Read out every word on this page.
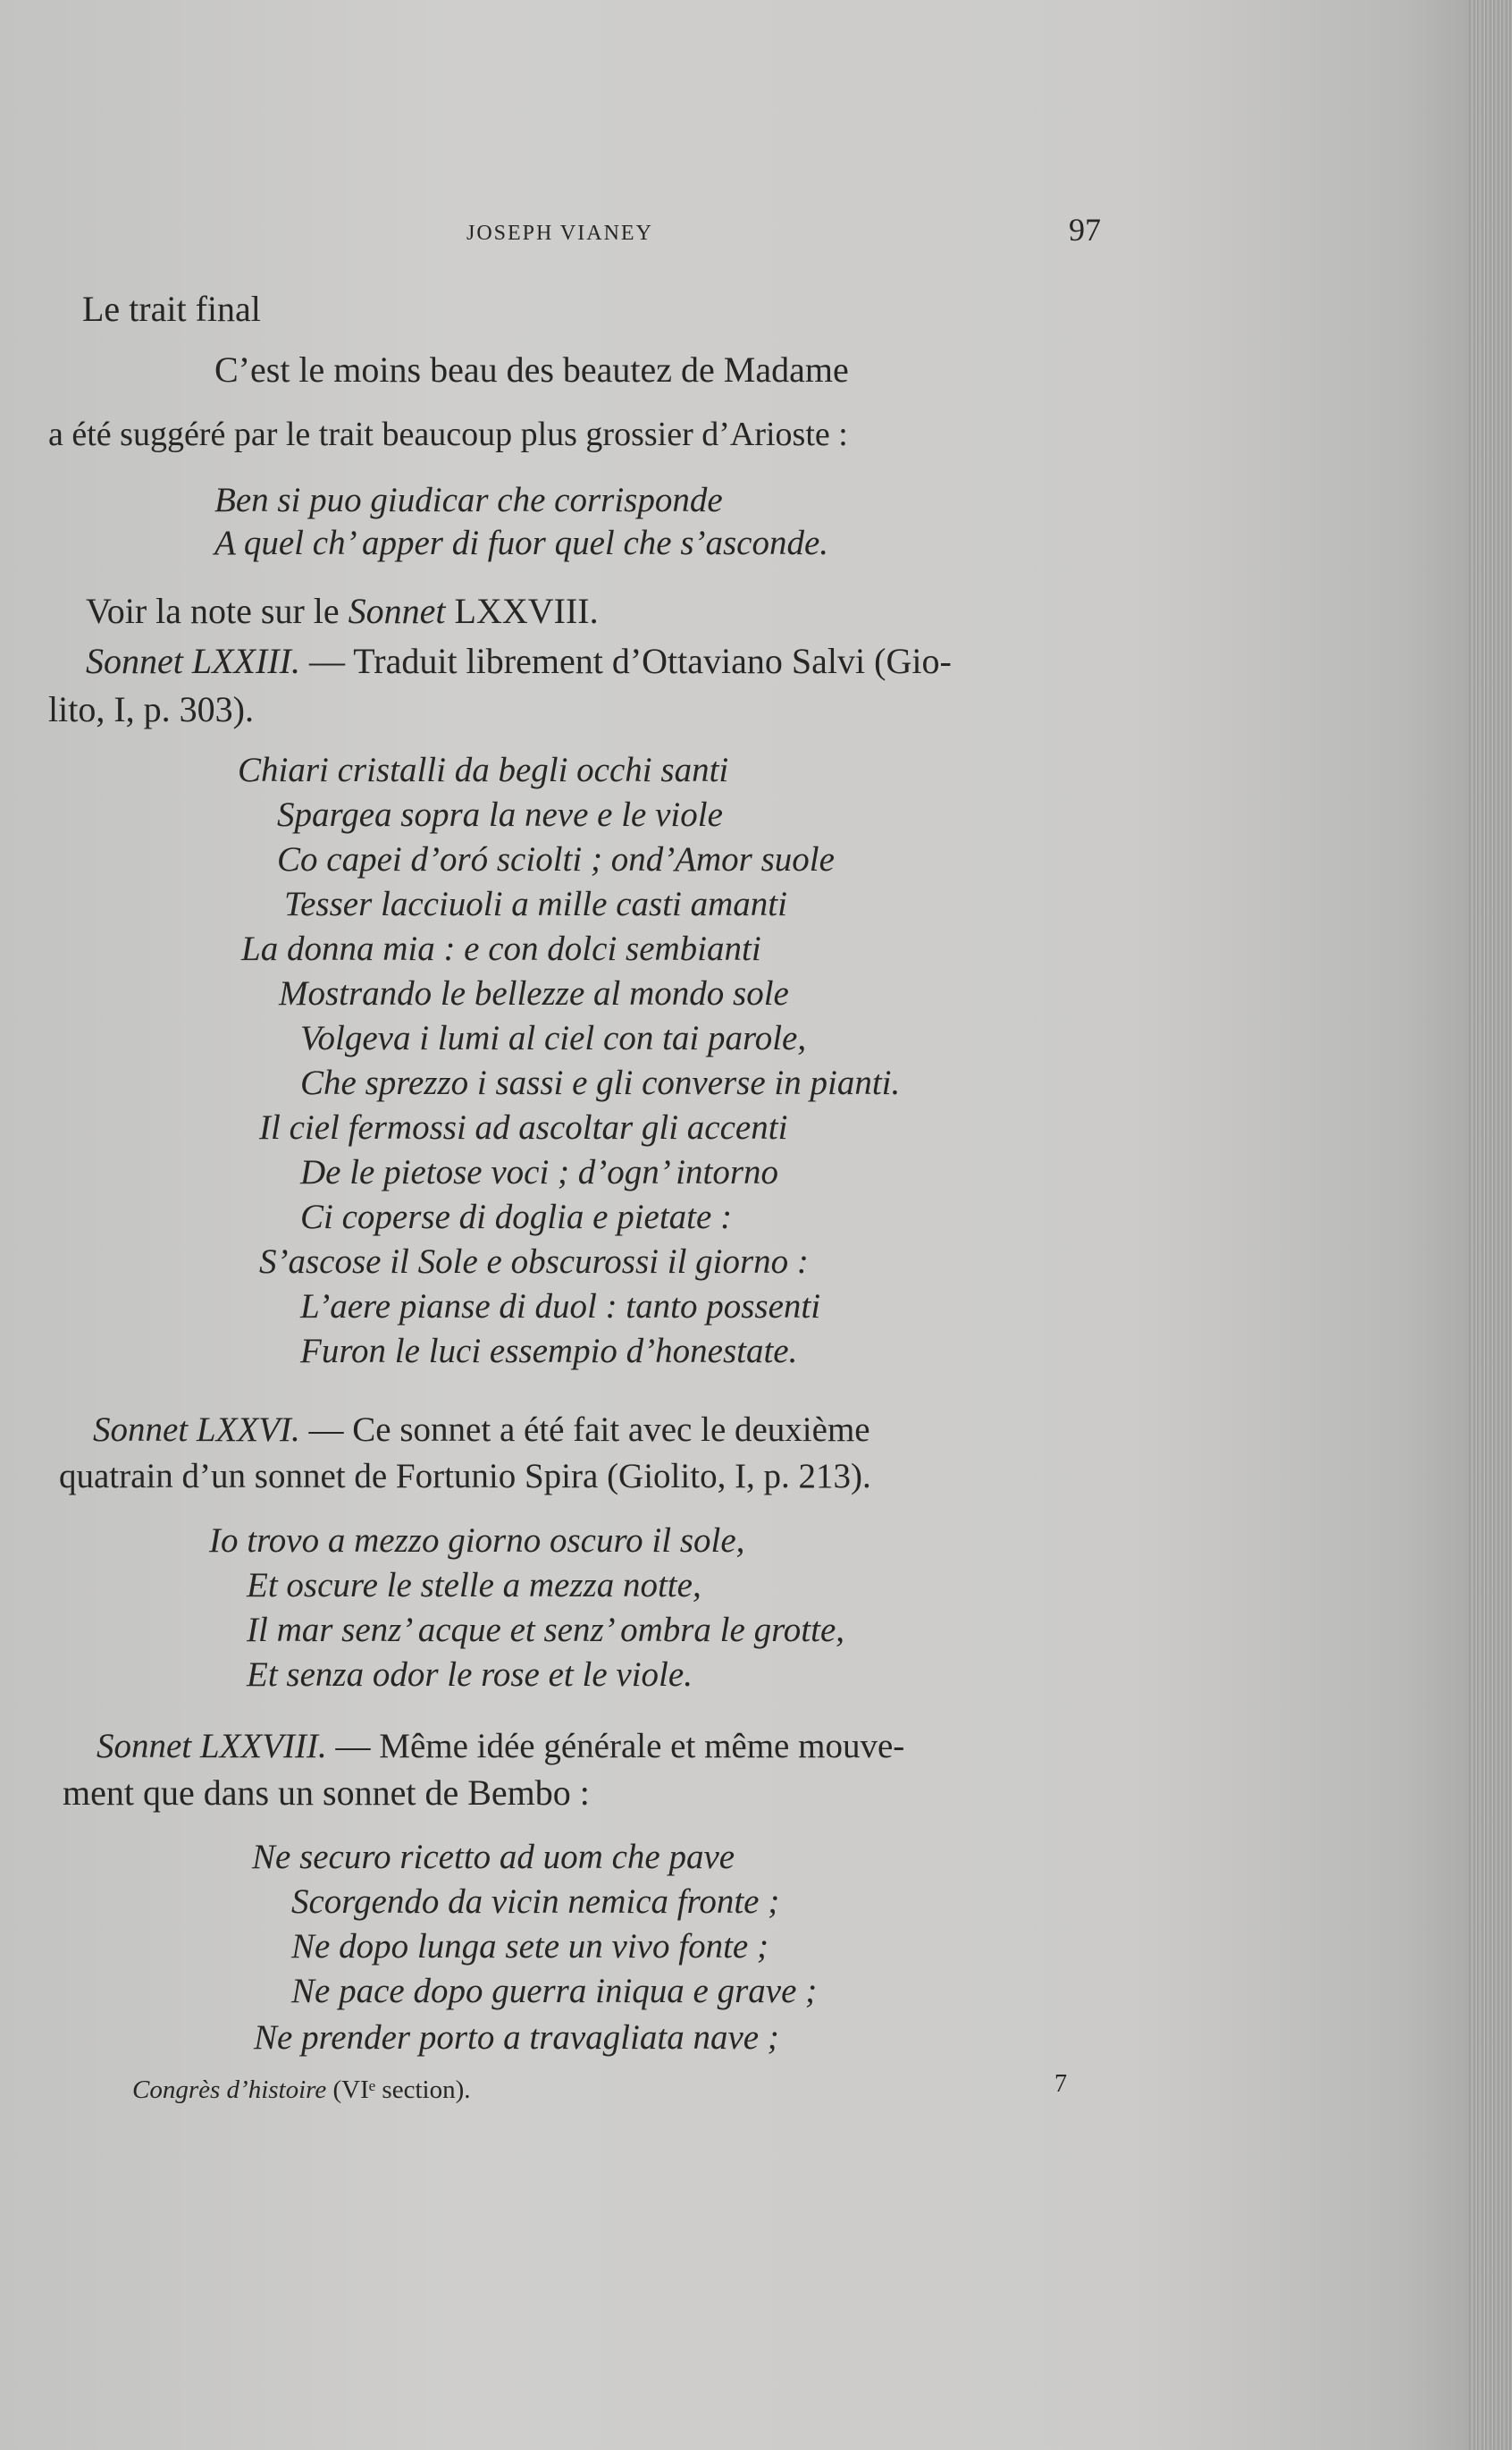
JOSEPH VIANEY	97
Le trait final
C’est le moins beau des beautez de Madame
a été suggéré par le trait beaucoup plus grossier d’Arioste :
Ben si puo giudicar che corrisponde
A quel ch’ apper di fuor quel che s’asconde.
Voir la note sur le Sonnet LXXVIII.
Sonnet LXXIII. — Traduit librement d’Ottaviano Salvi (Gio-
lito, I, p. 303).
Chiari cristalli da begli occhi santi
Spargea sopra la neve e le viole
Co capei d’oró sciolti ; ond’Amor suole
Tesser lacciuoli a mille casti amanti
La donna mia : e con dolci sembianti
Mostrando le bellezze al mondo sole
Volgeva i lumi al ciel con tai parole,
Che sprezzo i sassi e gli converse in pianti.
Il ciel fermossi ad ascoltar gli accenti
De le pietose voci ; d’ogn’ intorno
Ci coperse di doglia e pietate :
S’ascose il Sole e obscurossi il giorno :
L’aere pianse di duol : tanto possenti
Furon le luci essempio d’honestate.
Sonnet LXXVI. — Ce sonnet a été fait avec le deuxième
quatrain d’un sonnet de Fortunio Spira (Giolito, I, p. 213).
Io trovo a mezzo giorno oscuro il sole,
Et oscure le stelle a mezza notte,
Il mar senz’ acque et senz’ ombra le grotte,
Et senza odor le rose et le viole.
Sonnet LXXVIII. — Même idée générale et même mouve-
ment que dans un sonnet de Bembo :
Ne securo ricetto ad uom che pave
Scorgendo da vicin nemica fronte ;
Ne dopo lunga sete un vivo fonte ;
Ne pace dopo guerra iniqua e grave ;
Ne prender porto a travagliata nave ;
Congrès d’histoire (VIᵉ section).	7
